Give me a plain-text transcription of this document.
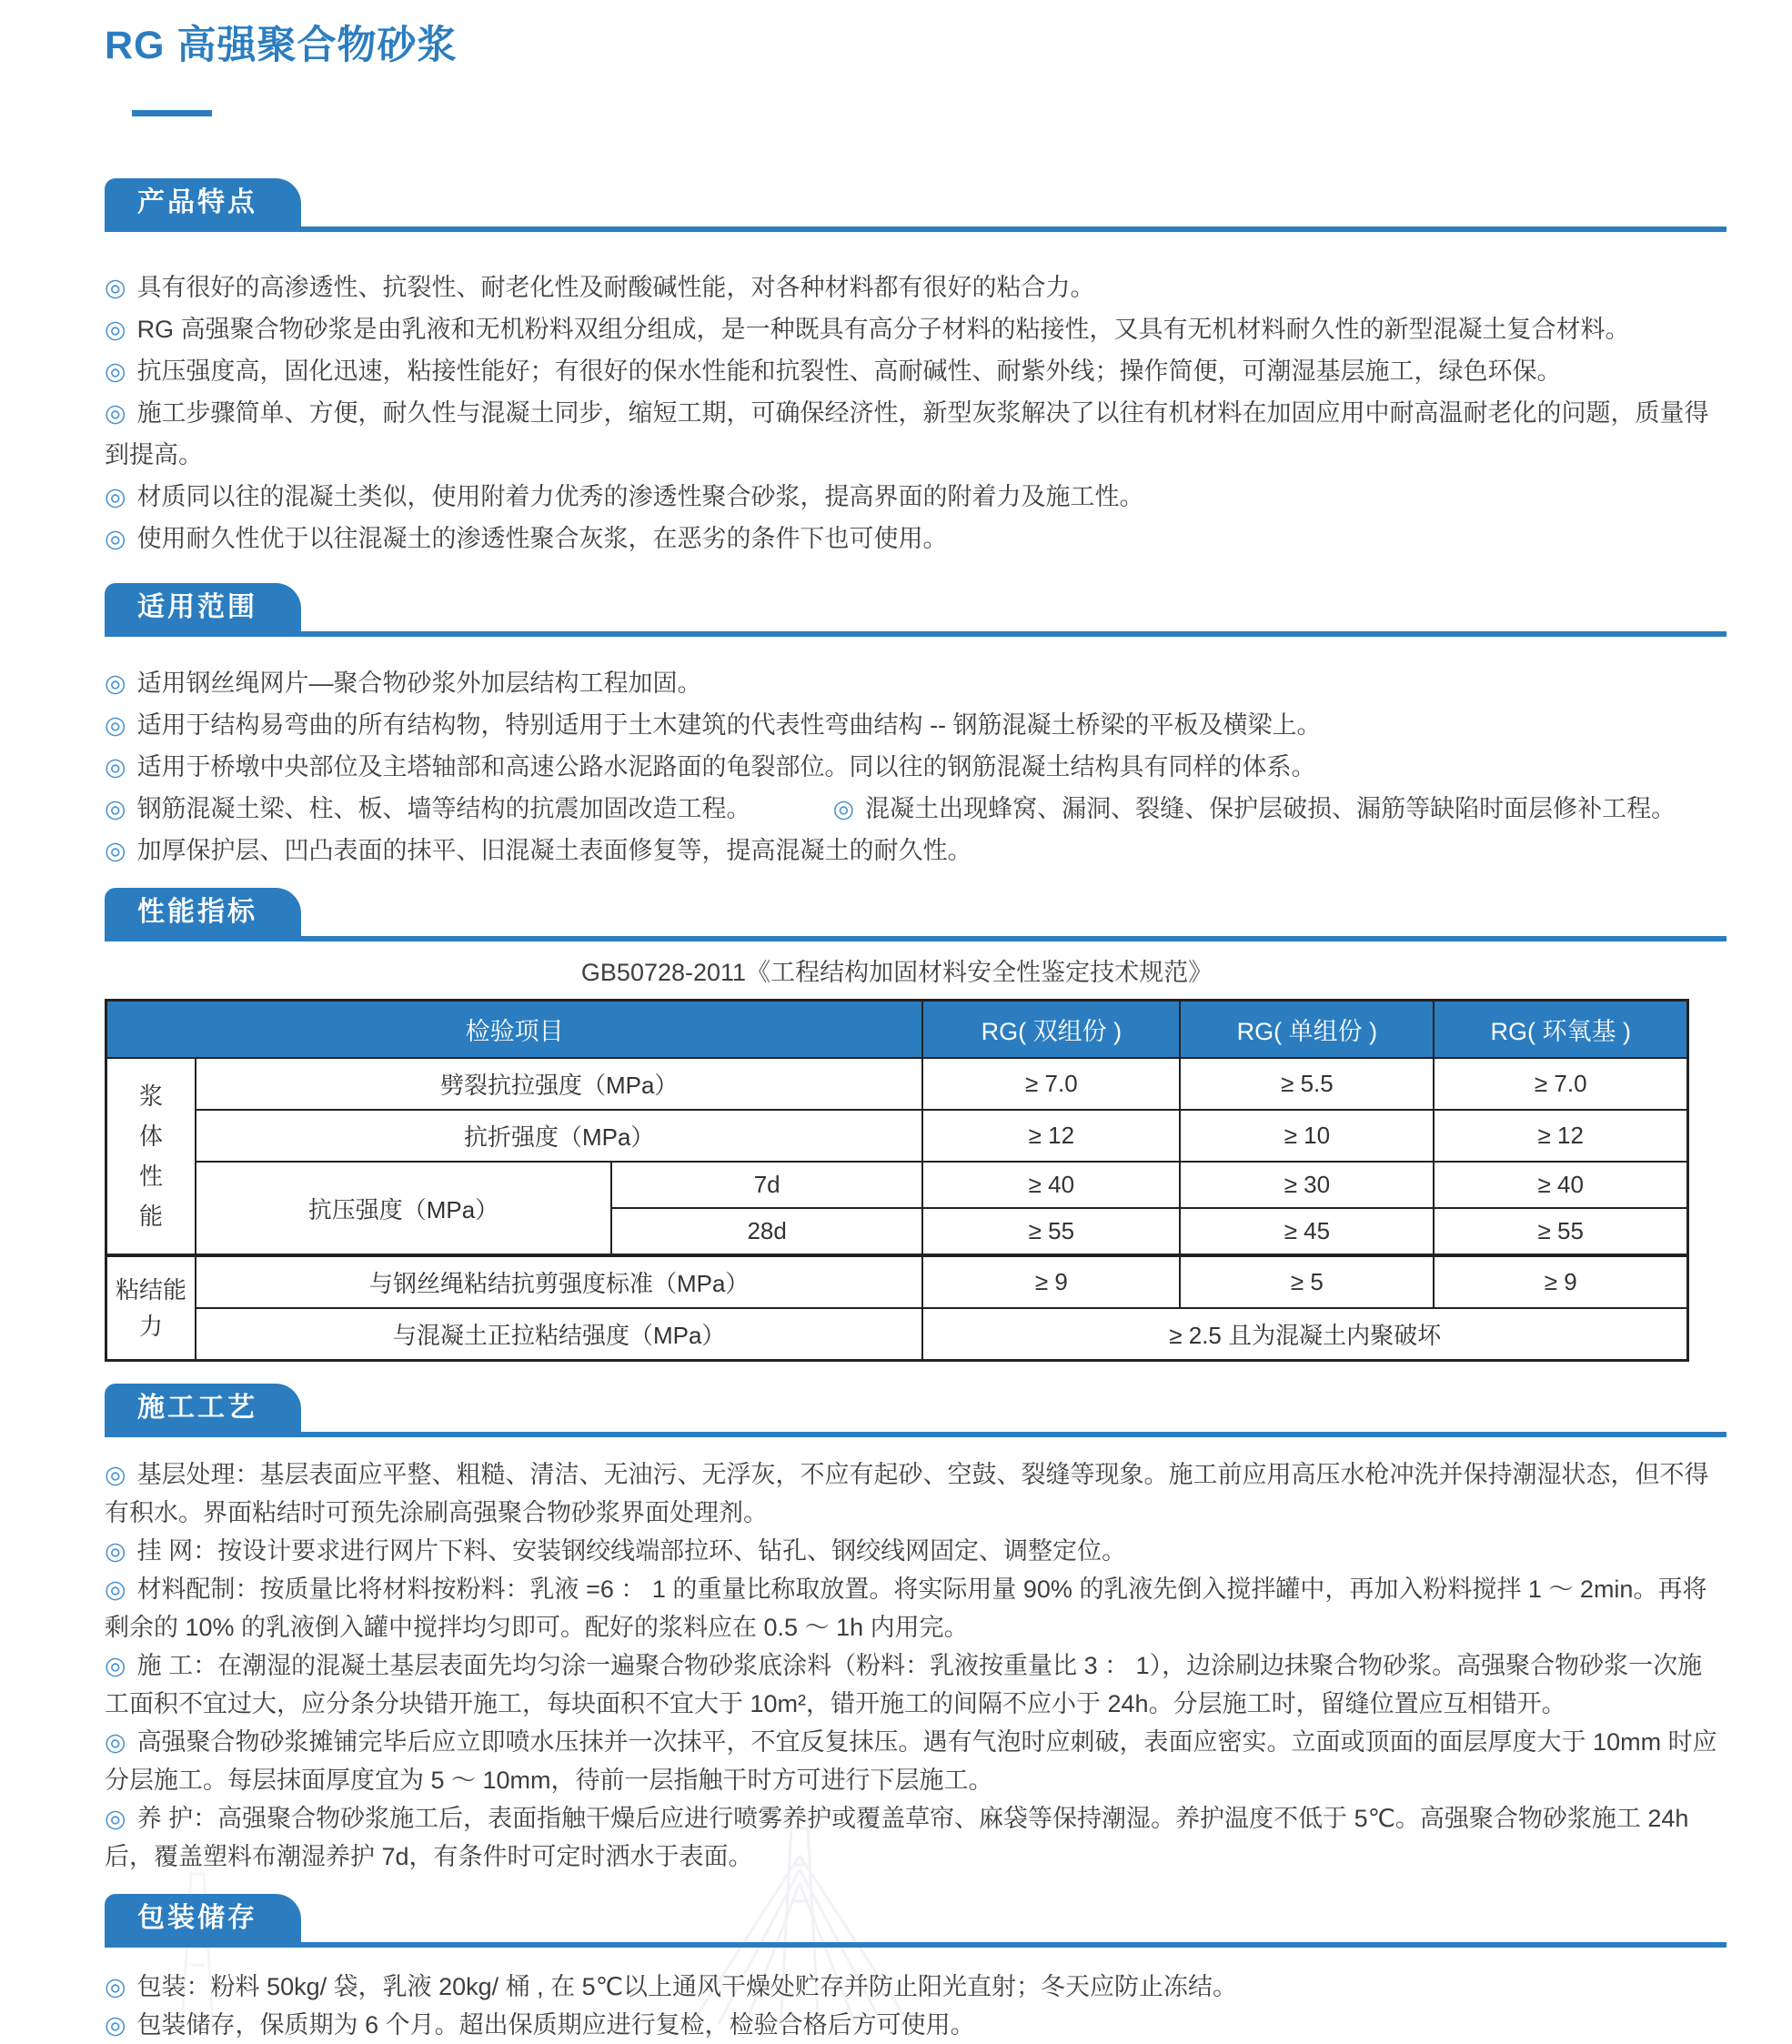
RG 高强聚合物砂浆
产品特点

◎ 具有很好的高渗透性、抗裂性、耐老化性及耐酸碱性能，对各种材料都有很好的粘合力。

◎ RG 高强聚合物砂浆是由乳液和无机粉料双组分组成，是一种既具有高分子材料的粘接性，又具有无机材料耐久性的新型混凝土复合材料。

◎ 抗压强度高，固化迅速，粘接性能好；有很好的保水性能和抗裂性、高耐碱性、耐紫外线；操作简便，可潮湿基层施工，绿色环保。

◎ 施工步骤简单、方便，耐久性与混凝土同步，缩短工期，可确保经济性，新型灰浆解决了以往有机材料在加固应用中耐高温耐老化的问题，质量得到提高。

◎ 材质同以往的混凝土类似，使用附着力优秀的渗透性聚合砂浆，提高界面的附着力及施工性。

◎ 使用耐久性优于以往混凝土的渗透性聚合灰浆，在恶劣的条件下也可使用。

适用范围

◎ 适用钢丝绳网片—聚合物砂浆外加层结构工程加固。

◎ 适用于结构易弯曲的所有结构物，特别适用于土木建筑的代表性弯曲结构 -- 钢筋混凝土桥梁的平板及横梁上。

◎ 适用于桥墩中央部位及主塔轴部和高速公路水泥路面的龟裂部位。同以往的钢筋混凝土结构具有同样的体系。

◎ 钢筋混凝土梁、柱、板、墙等结构的抗震加固改造工程。	◎ 混凝土出现蜂窝、漏洞、裂缝、保护层破损、漏筋等缺陷时面层修补工程。

◎ 加厚保护层、凹凸表面的抹平、旧混凝土表面修复等，提高混凝土的耐久性。

性能指标

GB50728-2011《工程结构加固材料安全性鉴定技术规范》

检验项目			RG( 双组份 )	RG( 单组份 )	RG( 环氧基 )

浆体性能	劈裂抗拉强度（MPa）		≥ 7.0	≥ 5.5	≥ 7.0
	抗折强度（MPa）		≥ 12	≥ 10	≥ 12
	抗压强度（MPa）	7d	≥ 40	≥ 30	≥ 40
		28d	≥ 55	≥ 45	≥ 55

粘结能力	与钢丝绳粘结抗剪强度标准（MPa）		≥ 9	≥ 5	≥ 9
	与混凝土正拉粘结强度（MPa）		≥ 2.5 且为混凝土内聚破坏		
施工工艺

◎ 基层处理：基层表面应平整、粗糙、清洁、无油污、无浮灰，不应有起砂、空鼓、裂缝等现象。施工前应用高压水枪冲洗并保持潮湿状态，但不得有积水。界面粘结时可预先涂刷高强聚合物砂浆界面处理剂。

◎ 挂 网：按设计要求进行网片下料、安装钢绞线端部拉环、钻孔、钢绞线网固定、调整定位。

◎ 材料配制：按质量比将材料按粉料：乳液 =6 ： 1 的重量比称取放置。将实际用量 90% 的乳液先倒入搅拌罐中，再加入粉料搅拌 1 ～ 2min。再将剩余的 10% 的乳液倒入罐中搅拌均匀即可。配好的浆料应在 0.5 ～ 1h 内用完。

◎ 施 工：在潮湿的混凝土基层表面先均匀涂一遍聚合物砂浆底涂料（粉料：乳液按重量比 3 ： 1），边涂刷边抹聚合物砂浆。高强聚合物砂浆一次施工面积不宜过大，应分条分块错开施工，每块面积不宜大于 10m²，错开施工的间隔不应小于 24h。分层施工时，留缝位置应互相错开。

◎ 高强聚合物砂浆摊铺完毕后应立即喷水压抹并一次抹平，不宜反复抹压。遇有气泡时应刺破，表面应密实。立面或顶面的面层厚度大于 10mm 时应分层施工。每层抹面厚度宜为 5 ～ 10mm，待前一层指触干时方可进行下层施工。

◎ 养 护：高强聚合物砂浆施工后，表面指触干燥后应进行喷雾养护或覆盖草帘、麻袋等保持潮湿。养护温度不低于 5℃。高强聚合物砂浆施工 24h 后，覆盖塑料布潮湿养护 7d，有条件时可定时洒水于表面。

包装储存

◎ 包装：粉料 50kg/ 袋，乳液 20kg/ 桶 , 在 5℃以上通风干燥处贮存并防止阳光直射；冬天应防止冻结。

◎ 包装储存，保质期为 6 个月。超出保质期应进行复检，检验合格后方可使用。
